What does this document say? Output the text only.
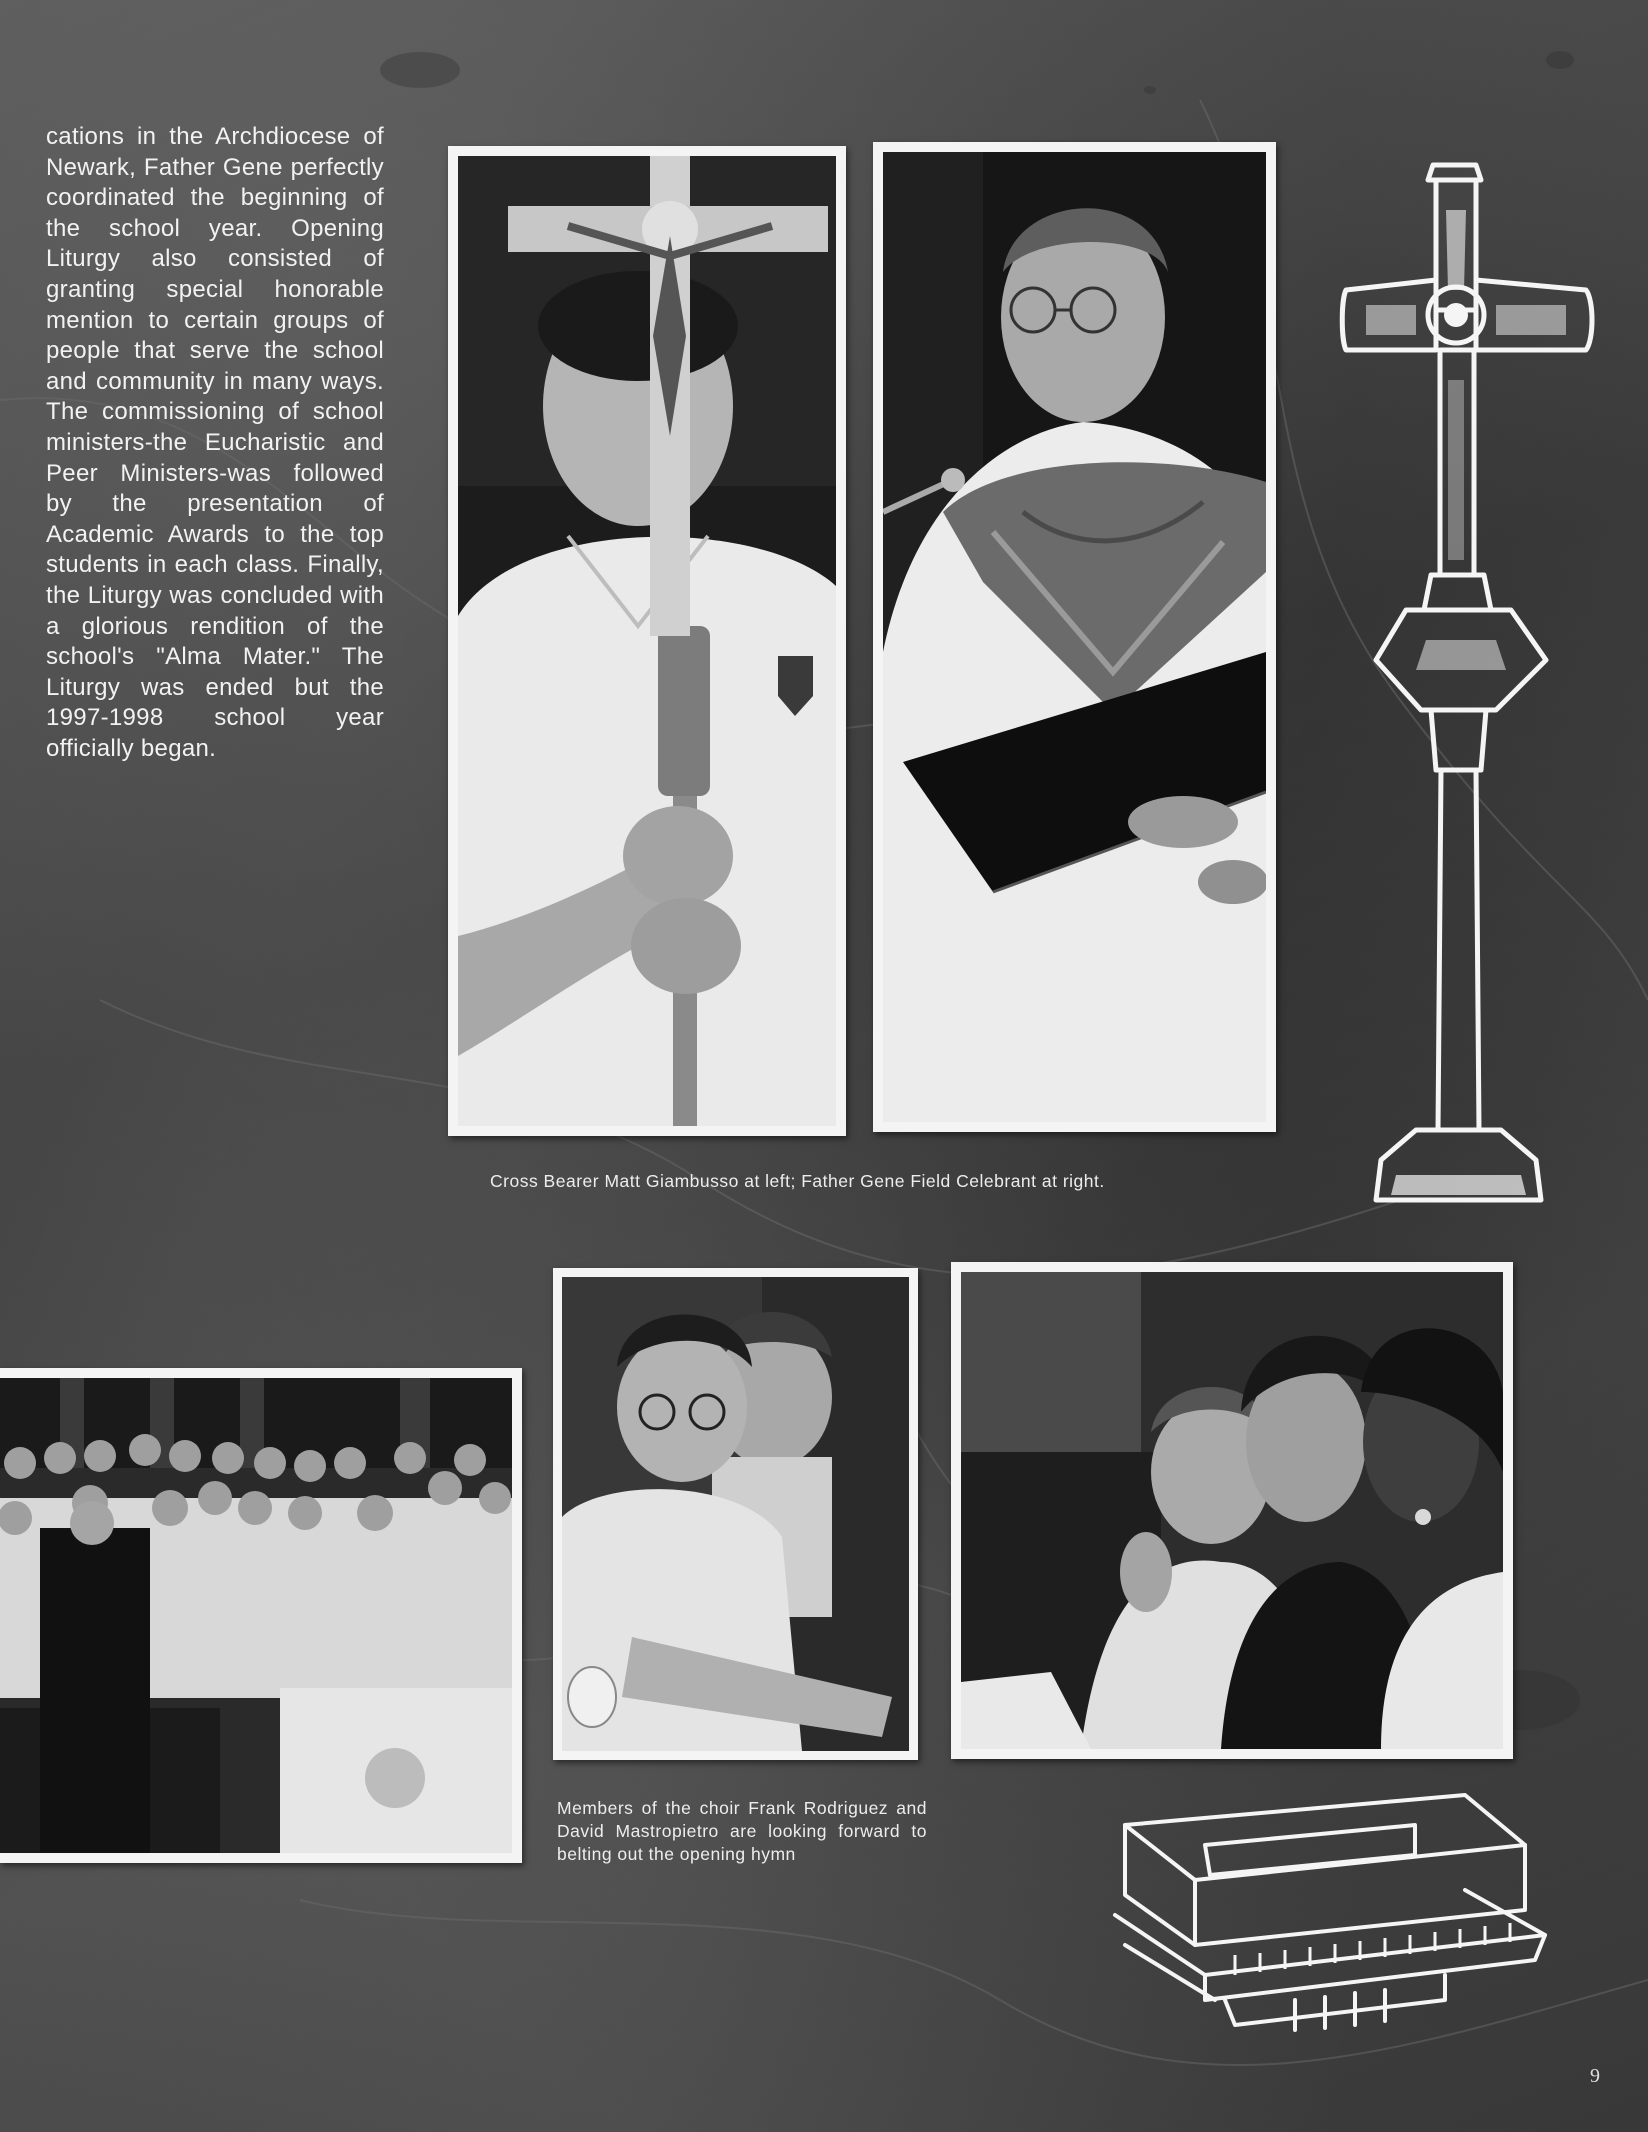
cations in the Archdiocese of Newark, Father Gene perfectly coordinated the beginning of the school year. Opening Liturgy also consisted of granting special honorable mention to certain groups of people that serve the school and community in many ways. The commissioning of school ministers-the Eucharistic and Peer Ministers-was followed by the presentation of Academic Awards to the top students in each class. Finally, the Liturgy was concluded with a glorious rendition of the school's "Alma Mater." The Liturgy was ended but the 1997-1998 school year officially began.
Cross Bearer Matt Giambusso at left; Father Gene Field Celebrant at right.
Members of the choir Frank Rodriguez and David Mastropietro are looking forward to belting out the opening hymn
9
